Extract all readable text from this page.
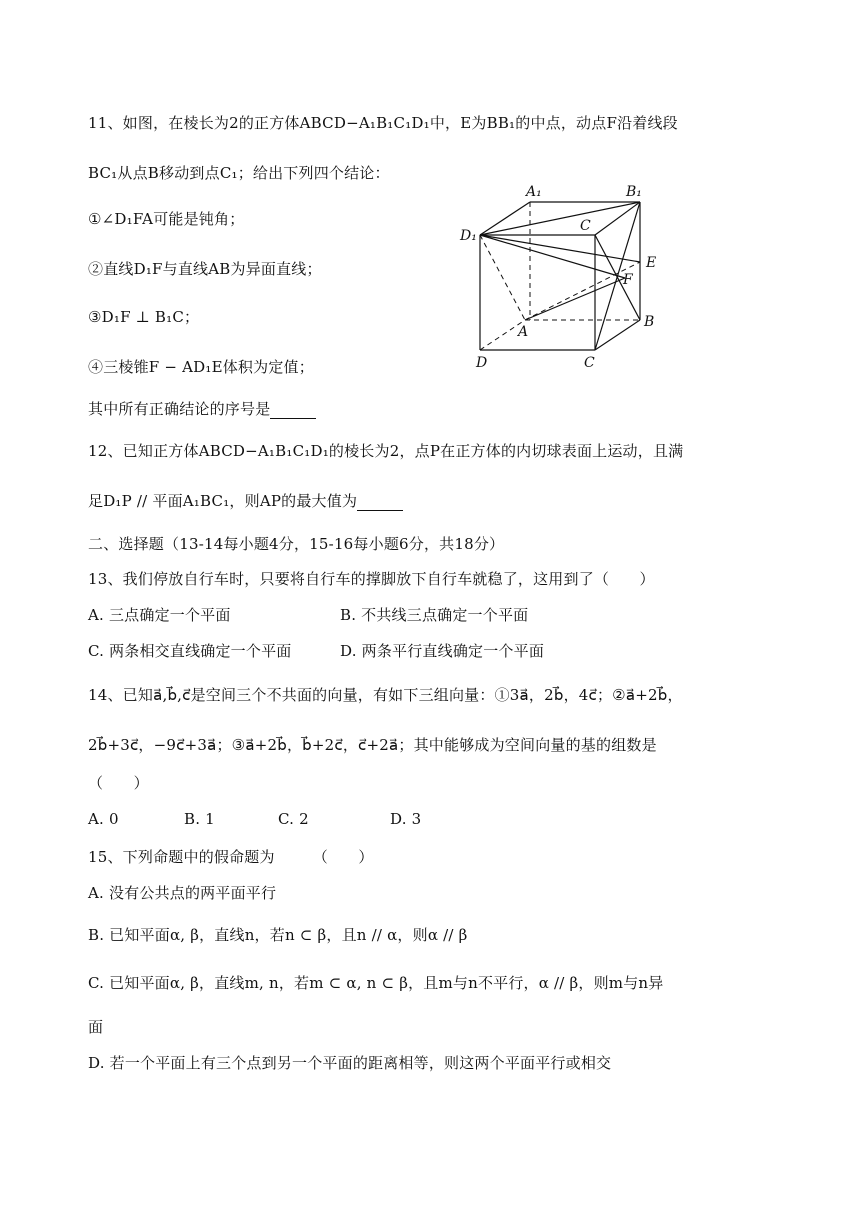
11、如图，在棱长为2的正方体ABCD−A₁B₁C₁D₁中，E为BB₁的中点，动点F沿着线段
BC₁从点B移动到点C₁；给出下列四个结论：
①∠D₁FA可能是钝角；
②直线D₁F与直线AB为异面直线；
③D₁F ⊥ B₁C；
④三棱锥F − AD₁E体积为定值；
其中所有正确结论的序号是
A₁	B₁
C
D₁
A
B
C
D
E
F
12、已知正方体ABCD−A₁B₁C₁D₁的棱长为2，点P在正方体的内切球表面上运动，且满
足D₁P // 平面A₁BC₁，则AP的最大值为
二、选择题（13-14每小题4分，15-16每小题6分，共18分）
13、我们停放自行车时，只要将自行车的撑脚放下自行车就稳了，这用到了（　　）
A. 三点确定一个平面	B. 不共线三点确定一个平面
C. 两条相交直线确定一个平面	D. 两条平行直线确定一个平面
14、已知a⃗,b⃗,c⃗是空间三个不共面的向量，有如下三组向量：①3a⃗，2b⃗，4c⃗；②a⃗+2b⃗，
2b⃗+3c⃗，−9c⃗+3a⃗；③a⃗+2b⃗，b⃗+2c⃗，c⃗+2a⃗；其中能够成为空间向量的基的组数是
（　　）
A. 0	B. 1	C. 2	D. 3
15、下列命题中的假命题为　　　（　　）
A. 没有公共点的两平面平行
B. 已知平面α, β，直线n，若n ⊂ β，且n // α，则α // β
C. 已知平面α, β，直线m, n，若m ⊂ α, n ⊂ β，且m与n不平行，α // β，则m与n异
面
D. 若一个平面上有三个点到另一个平面的距离相等，则这两个平面平行或相交
